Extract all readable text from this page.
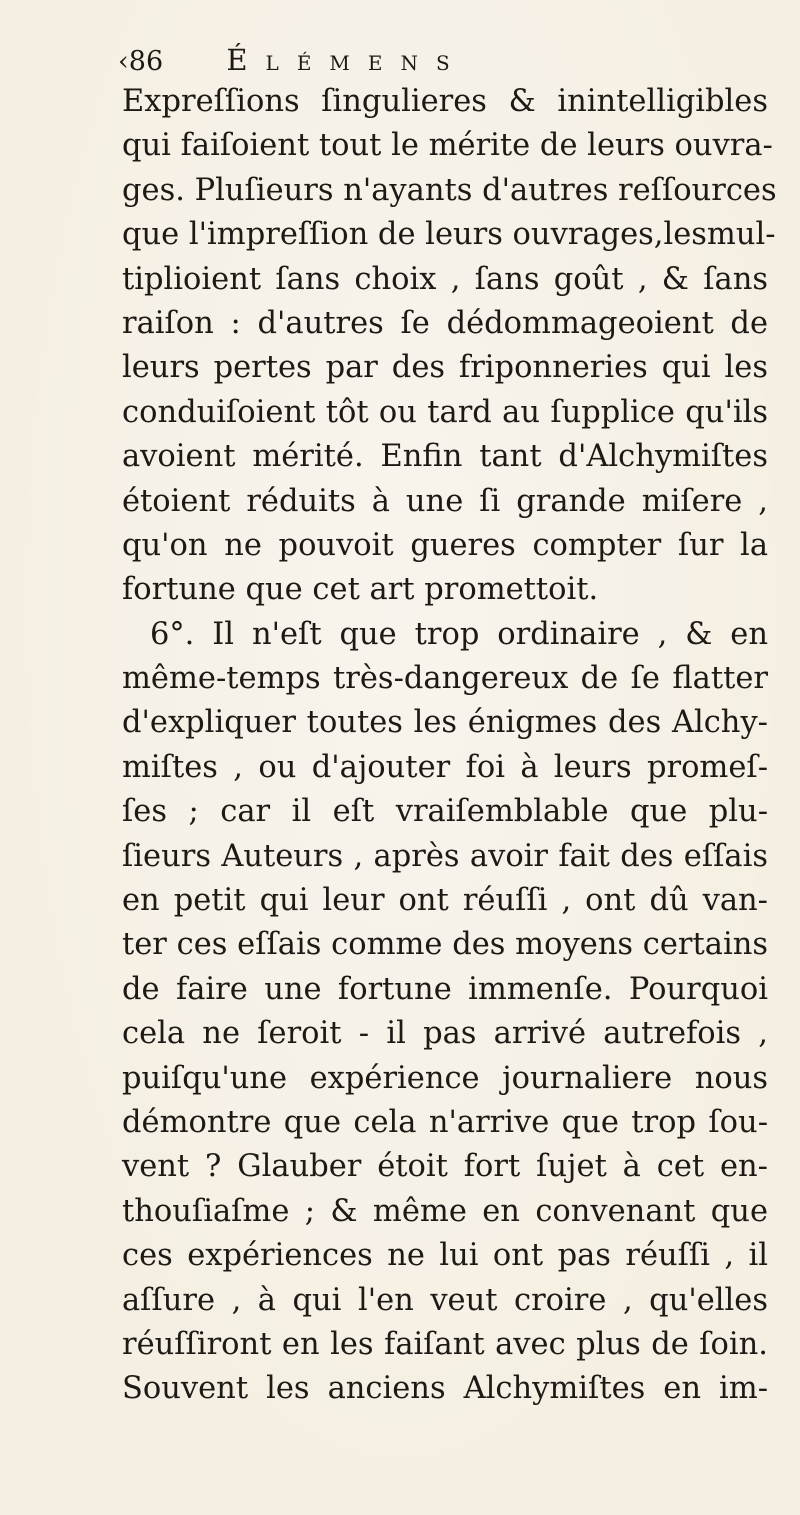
‹86 Élémens
Expreſſions ſingulieres & inintelligibles
qui faiſoient tout le mérite de leurs ouvra-
ges. Pluſieurs n'ayants d'autres reſſources
que l'impreſſion de leurs ouvrages,lesmul-
tiplioient ſans choix , ſans goût , & ſans
raiſon : d'autres ſe dédommageoient de
leurs pertes par des friponneries qui les
conduiſoient tôt ou tard au ſupplice qu'ils
avoient mérité. Enfin tant d'Alchymiſtes
étoient réduits à une ſi grande miſere ,
qu'on ne pouvoit gueres compter ſur la
fortune que cet art promettoit.
6°. Il n'eſt que trop ordinaire , & en
même-temps très-dangereux de ſe flatter
d'expliquer toutes les énigmes des Alchy-
miſtes , ou d'ajouter foi à leurs promeſ-
ſes ; car il eſt vraiſemblable que plu-
ſieurs Auteurs , après avoir fait des eſſais
en petit qui leur ont réuſſi , ont dû van-
ter ces eſſais comme des moyens certains
de faire une fortune immenſe. Pourquoi
cela ne ſeroit - il pas arrivé autrefois ,
puiſqu'une expérience journaliere nous
démontre que cela n'arrive que trop ſou-
vent ? Glauber étoit fort ſujet à cet en-
thouſiaſme ; & même en convenant que
ces expériences ne lui ont pas réuſſi , il
aſſure , à qui l'en veut croire , qu'elles
réuſſiront en les faiſant avec plus de ſoin.
Souvent les anciens Alchymiſtes en im-
